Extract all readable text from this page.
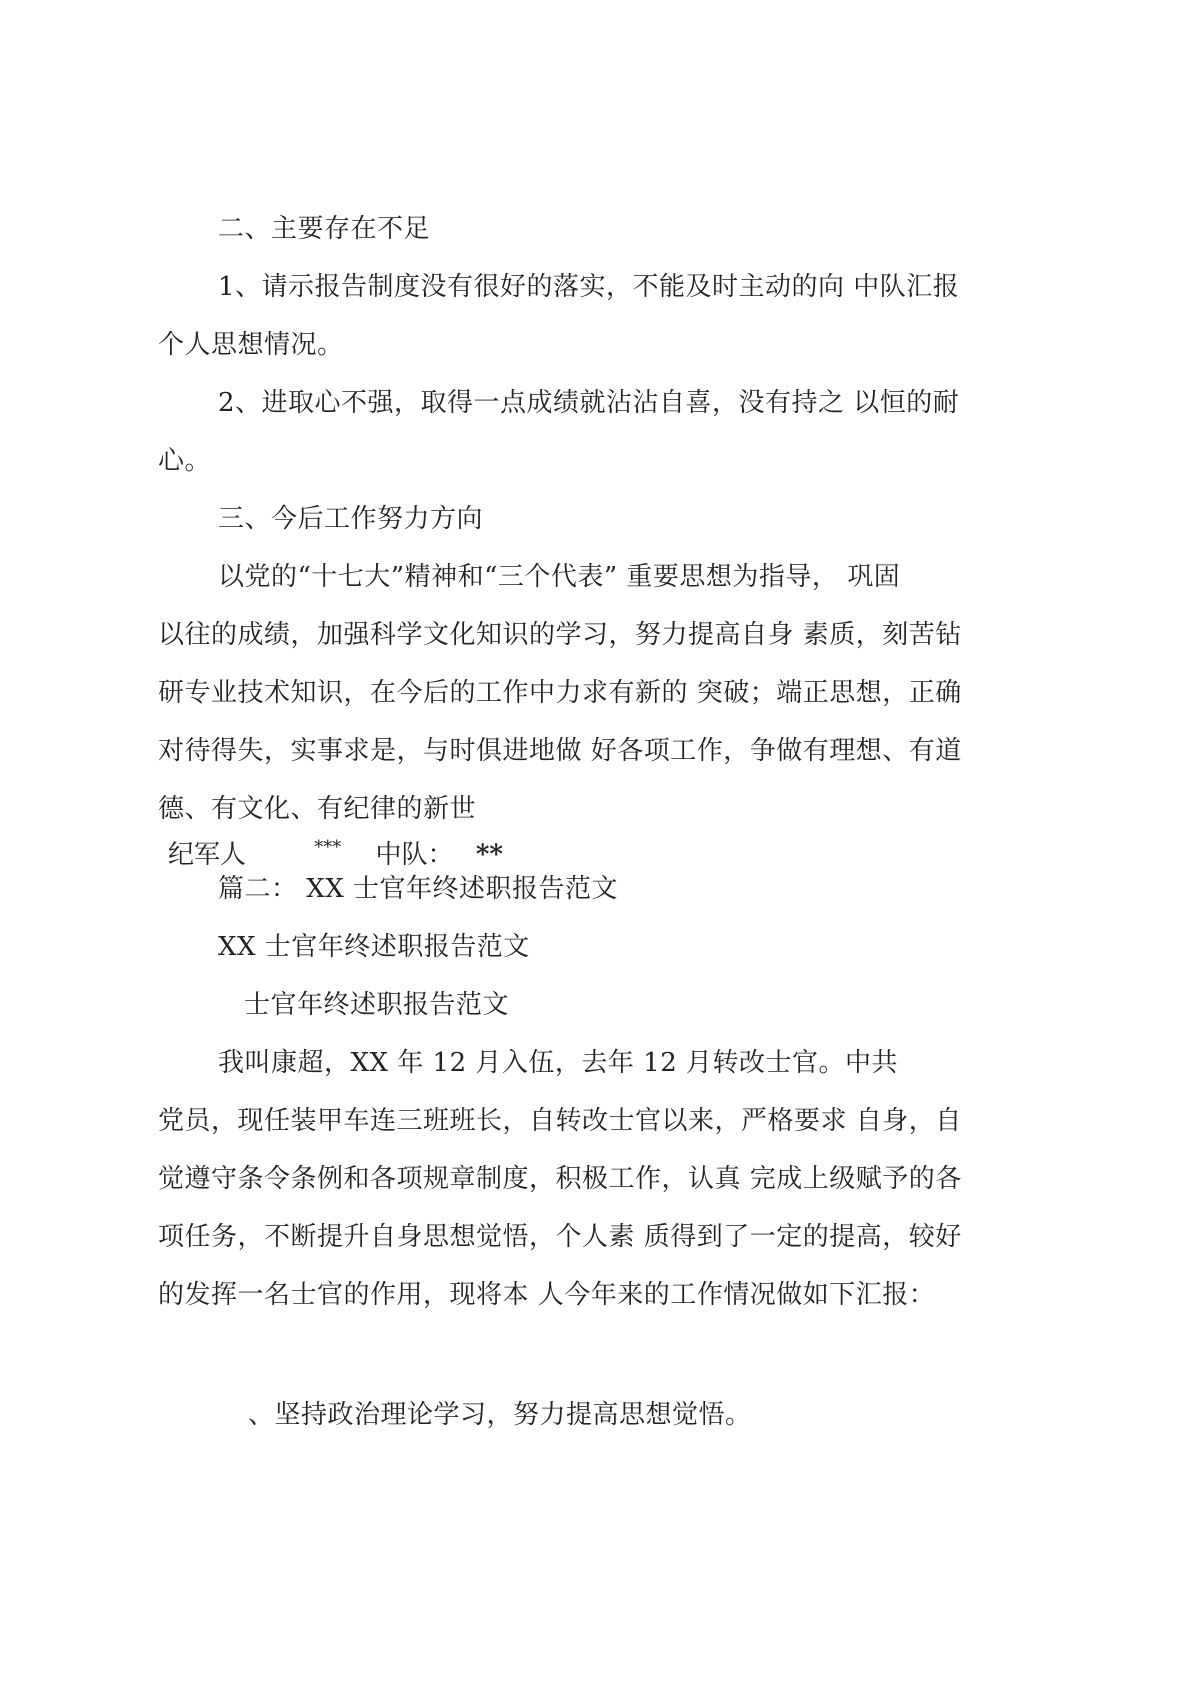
二、主要存在不足
1、请示报告制度没有很好的落实，不能及时主动的向 中队汇报
个人思想情况。
2、进取心不强，取得一点成绩就沾沾自喜，没有持之 以恒的耐
心。
三、今后工作努力方向
以党的“十七大”精神和“三个代表” 重要思想为指导， 巩固
以往的成绩，加强科学文化知识的学习，努力提高自身 素质，刻苦钻
研专业技术知识，在今后的工作中力求有新的 突破；端正思想，正确
对待得失，实事求是，与时俱进地做 好各项工作，争做有理想、有道
德、有文化、有纪律的新世
纪军人	*** 中队： **
篇二： XX 士官年终述职报告范文
XX 士官年终述职报告范文
士官年终述职报告范文
我叫康超，XX 年 12 月入伍，去年 12 月转改士官。中共
党员，现任装甲车连三班班长，自转改士官以来，严格要求 自身，自
觉遵守条令条例和各项规章制度，积极工作，认真 完成上级赋予的各
项任务，不断提升自身思想觉悟，个人素 质得到了一定的提高，较好
的发挥一名士官的作用，现将本 人今年来的工作情况做如下汇报：
、坚持政治理论学习，努力提高思想觉悟。
